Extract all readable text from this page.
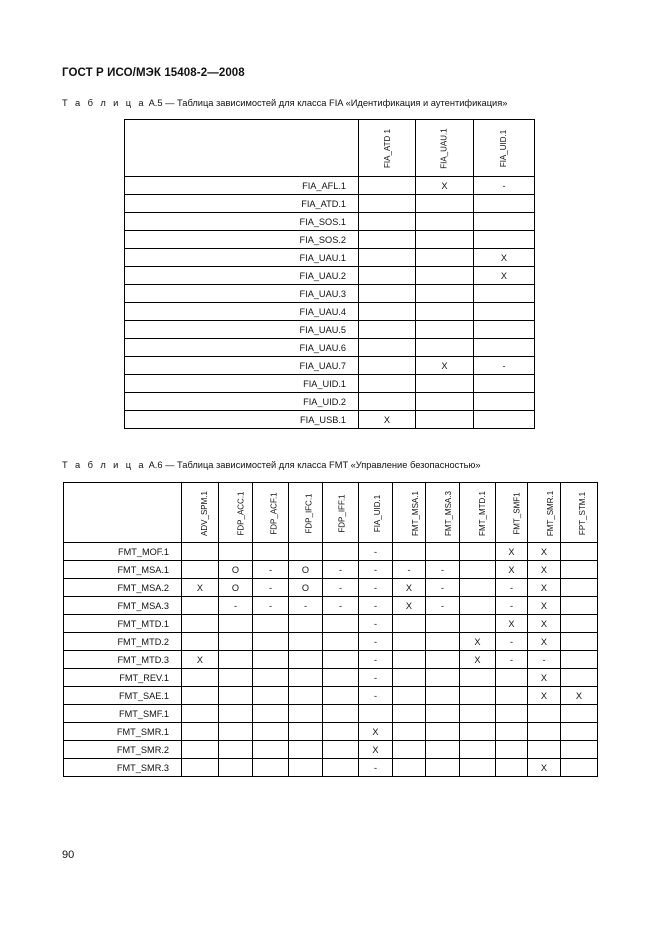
ГОСТ Р ИСО/МЭК 15408-2—2008
Т а б л и ц а A.5 — Таблица зависимостей для класса FIA «Идентификация и аутентификация»
	FIA_ATD 1	FIA_UAU.1	FIA_UID.1
FIA_AFL.1		X	-
FIA_ATD.1			
FIA_SOS.1			
FIA_SOS.2			
FIA_UAU.1			X
FIA_UAU.2			X
FIA_UAU.3			
FIA_UAU.4			
FIA_UAU.5			
FIA_UAU.6			
FIA_UAU.7		X	-
FIA_UID.1			
FIA_UID.2			
FIA_USB.1	X		
Т а б л и ц а A.6 — Таблица зависимостей для класса FMT «Управление безопасностью»
	ADV_SPM.1	FDP_ACC.1	FDP_ACF.1	FDP_IFC.1	FDP_IFF.1	FIA_UID.1	FMT_MSA.1	FMT_MSA.3	FMT_MTD.1	FMT_SMF1	FMT_SMR.1	FPT_STM.1
FMT_MOF.1						-				X	X	
FMT_MSA.1		O	-	O	-	-	-	-		X	X	
FMT_MSA.2	X	O	-	O	-	-	X	-		-	X	
FMT_MSA.3		-	-	-	-	-	X	-		-	X	
FMT_MTD.1						-				X	X	
FMT_MTD.2						-			X	-	X	
FMT_MTD.3	X					-			X	-	-	
FMT_REV.1						-					X	
FMT_SAE.1						-					X	X
FMT_SMF.1												
FMT_SMR.1						X						
FMT_SMR.2						X						
FMT_SMR.3						-					X	
90
